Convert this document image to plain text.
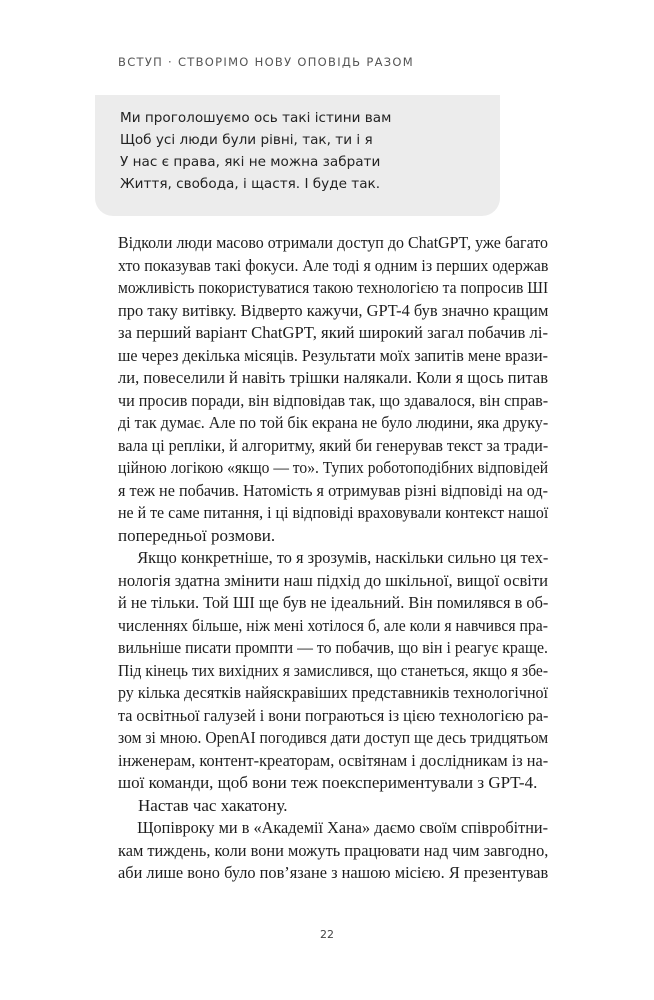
ВСТУП · СТВОРІМО НОВУ ОПОВІДЬ РАЗОМ
Ми проголошуємо ось такі істини вам
Щоб усі люди були рівні, так, ти і я
У нас є права, які не можна забрати
Життя, свобода, і щастя. І буде так.
Відколи люди масово отримали доступ до ChatGPT, уже багато
хто показував такі фокуси. Але тоді я одним із перших одержав
можливість покористуватися такою технологією та попросив ШІ
про таку витівку. Відверто кажучи, GPT-4 був значно кращим
за перший варіант ChatGPT, який широкий загал побачив лi-
ше через декілька місяців. Результати моїх запитів мене врази-
ли, повеселили й навіть трішки налякали. Коли я щось питав
чи просив поради, він відповідав так, що здавалося, він справ-
ді так думає. Але по той бік екрана не було людини, яка друку-
вала ці репліки, й алгоритму, який би генерував текст за тради-
ційною логікою «якщо — то». Тупих роботоподібних відповідей
я теж не побачив. Натомість я отримував різні відповіді на од-
не й те саме питання, і ці відповіді враховували контекст нашої
попередньої розмови.
Якщо конкретніше, то я зрозумів, наскільки сильно ця тех-
нологія здатна змінити наш підхід до шкільної, вищої освіти
й не тільки. Той ШІ ще був не ідеальний. Він помилявся в об-
численнях більше, ніж мені хотілося б, але коли я навчився пра-
вильніше писати промпти — то побачив, що він і реагує краще.
Під кінець тих вихідних я замислився, що станеться, якщо я збе-
ру кілька десятків найяскравіших представників технологічної
та освітньої галузей і вони пограються із цією технологією ра-
зом зі мною. OpenAI погодився дати доступ ще десь тридцятьом
інженерам, контент-креаторам, освітянам і дослідникам із на-
шої команди, щоб вони теж поекспериментували з GPT-4.
Настав час хакатону.
Щопівроку ми в «Академії Хана» даємо своїм співробітни-
кам тиждень, коли вони можуть працювати над чим завгодно,
аби лише воно було пов’язане з нашою місією. Я презентував
22
